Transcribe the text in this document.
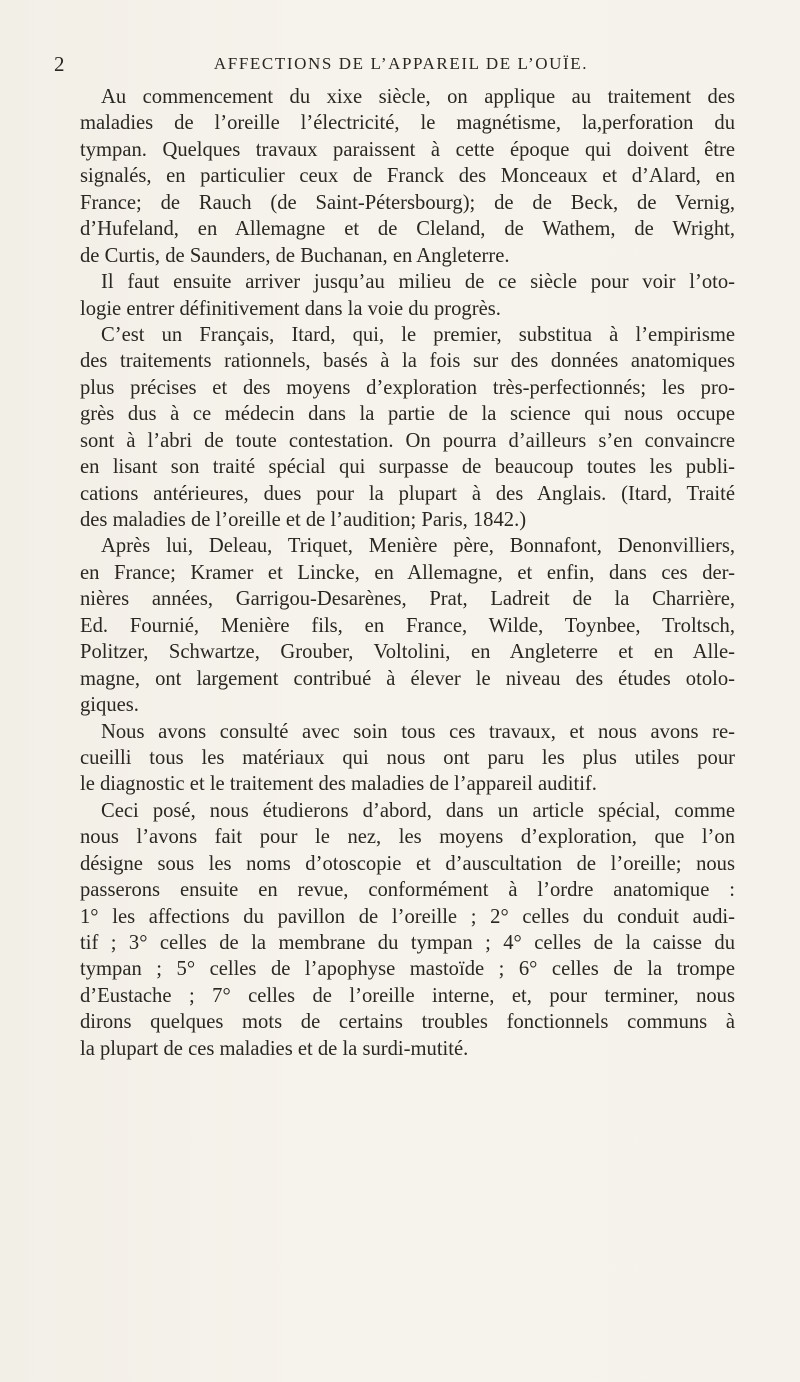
2	AFFECTIONS DE L’APPAREIL DE L’OUÏE.
Au commencement du xixe siècle, on applique au traitement des
maladies de l’oreille l’électricité, le magnétisme, la,perforation du
tympan. Quelques travaux paraissent à cette époque qui doivent être
signalés, en particulier ceux de Franck des Monceaux et d’Alard, en
France; de Rauch (de Saint-Pétersbourg); de de Beck, de Vernig,
d’Hufeland, en Allemagne et de Cleland, de Wathem, de Wright,
de Curtis, de Saunders, de Buchanan, en Angleterre.
Il faut ensuite arriver jusqu’au milieu de ce siècle pour voir l’oto-
logie entrer définitivement dans la voie du progrès.
C’est un Français, Itard, qui, le premier, substitua à l’empirisme
des traitements rationnels, basés à la fois sur des données anatomiques
plus précises et des moyens d’exploration très-perfectionnés; les pro-
grès dus à ce médecin dans la partie de la science qui nous occupe
sont à l’abri de toute contestation. On pourra d’ailleurs s’en convaincre
en lisant son traité spécial qui surpasse de beaucoup toutes les publi-
cations antérieures, dues pour la plupart à des Anglais. (Itard, Traité
des maladies de l’oreille et de l’audition; Paris, 1842.)
Après lui, Deleau, Triquet, Menière père, Bonnafont, Denonvilliers,
en France; Kramer et Lincke, en Allemagne, et enfin, dans ces der-
nières années, Garrigou-Desarènes, Prat, Ladreit de la Charrière,
Ed. Fournié, Menière fils, en France, Wilde, Toynbee, Troltsch,
Politzer, Schwartze, Grouber, Voltolini, en Angleterre et en Alle-
magne, ont largement contribué à élever le niveau des études otolo-
giques.
Nous avons consulté avec soin tous ces travaux, et nous avons re-
cueilli tous les matériaux qui nous ont paru les plus utiles pour
le diagnostic et le traitement des maladies de l’appareil auditif.
Ceci posé, nous étudierons d’abord, dans un article spécial, comme
nous l’avons fait pour le nez, les moyens d’exploration, que l’on
désigne sous les noms d’otoscopie et d’auscultation de l’oreille; nous
passerons ensuite en revue, conformément à l’ordre anatomique :
1° les affections du pavillon de l’oreille ; 2° celles du conduit audi-
tif ; 3° celles de la membrane du tympan ; 4° celles de la caisse du
tympan ; 5° celles de l’apophyse mastoïde ; 6° celles de la trompe
d’Eustache ; 7° celles de l’oreille interne, et, pour terminer, nous
dirons quelques mots de certains troubles fonctionnels communs à
la plupart de ces maladies et de la surdi-mutité.
